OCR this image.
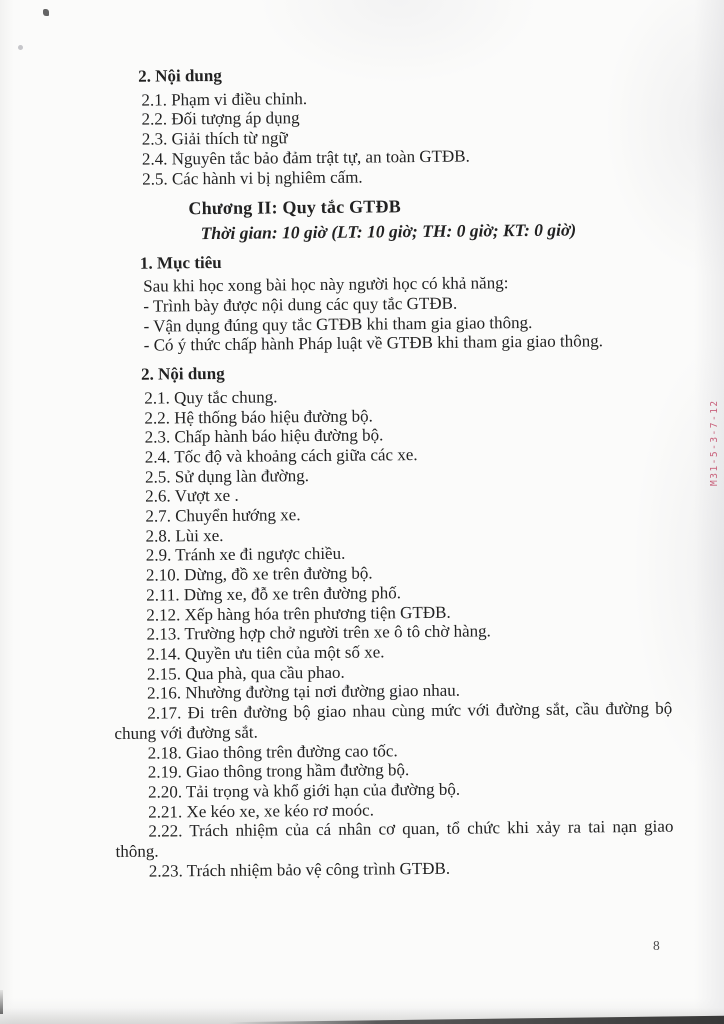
2. Nội dung
2.1. Phạm vi điều chỉnh.
2.2. Đối tượng áp dụng
2.3. Giải thích từ ngữ
2.4. Nguyên tắc bảo đảm trật tự, an toàn GTĐB.
2.5. Các hành vi bị nghiêm cấm.
Chương II: Quy tắc GTĐB
Thời gian: 10 giờ (LT: 10 giờ; TH: 0 giờ; KT: 0 giờ)
1. Mục tiêu
Sau khi học xong bài học này người học có khả năng:
- Trình bày được nội dung các quy tắc GTĐB.
- Vận dụng đúng quy tắc GTĐB khi tham gia giao thông.
- Có ý thức chấp hành Pháp luật về GTĐB khi tham gia giao thông.
2. Nội dung
2.1. Quy tắc chung.
2.2. Hệ thống báo hiệu đường bộ.
2.3. Chấp hành báo hiệu đường bộ.
2.4. Tốc độ và khoảng cách giữa các xe.
2.5. Sử dụng làn đường.
2.6. Vượt xe .
2.7. Chuyển hướng xe.
2.8. Lùi xe.
2.9. Tránh xe đi ngược chiều.
2.10. Dừng, đồ xe trên đường bộ.
2.11. Dừng xe, đỗ xe trên đường phố.
2.12. Xếp hàng hóa trên phương tiện GTĐB.
2.13. Trường hợp chở người trên xe ô tô chờ hàng.
2.14. Quyền ưu tiên của một số xe.
2.15. Qua phà, qua cầu phao.
2.16. Nhường đường tại nơi đường giao nhau.
2.17. Đi trên đường bộ giao nhau cùng mức với đường sắt, cầu đường bộ chung với đường sắt.
2.18. Giao thông trên đường cao tốc.
2.19. Giao thông trong hầm đường bộ.
2.20. Tải trọng và khổ giới hạn của đường bộ.
2.21. Xe kéo xe, xe kéo rơ moóc.
2.22. Trách nhiệm của cá nhân cơ quan, tổ chức khi xảy ra tai nạn giao thông.
2.23. Trách nhiệm bảo vệ công trình GTĐB.
M31-5-3-7-12
8
